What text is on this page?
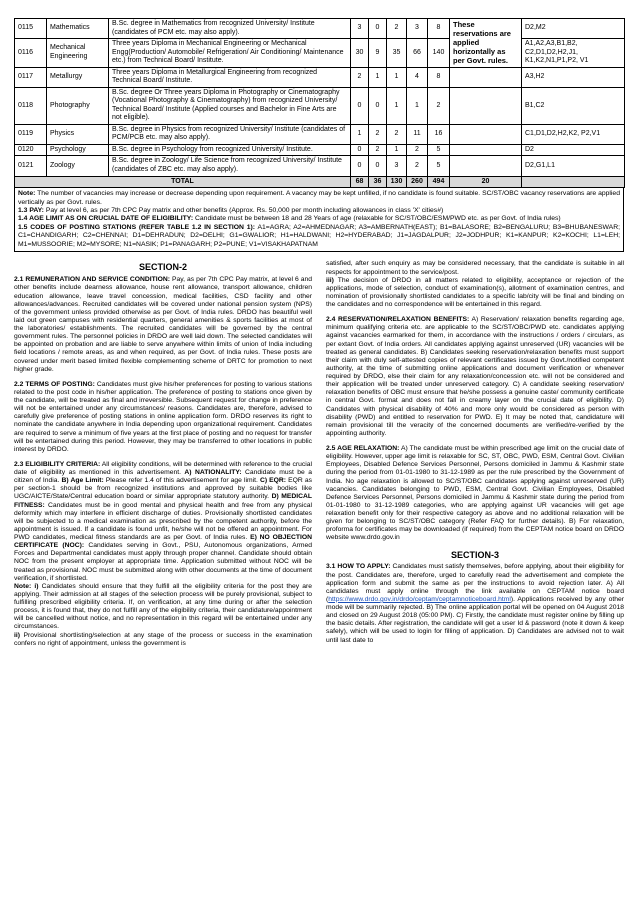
0115	Mathematics	B.Sc. degree in Mathematics from recognized University/ Institute (candidates of PCM etc. may also apply).	3	0	2	3	8	These reservations are applied horizontally as per Govt. rules.	D2,M2
0116	Mechanical Engineering	Three years Diploma in Mechanical Engineering or Mechanical Engg(Production/ Automobile/ Refrigeration/ Air Conditioning/ Maintenance etc.) from Technical Board/ Institute.	30	9	35	66	140		A1,A2,A3,B1,B2, C2,D1,D2,H2,J1, K1,K2,N1,P1,P2, V1
0117	Metallurgy	Three years Diploma in Metallurgical Engineering from recognized Technical Board/ Institute.	2	1	1	4	8		A3,H2
0118	Photography	B.Sc. degree Or Three years Diploma in Photography or Cinematography (Vocational Photography & Cinematography) from recognized University/ Technical Board/ Institute (Applied courses and Bachelor in Fine Arts are not eligible).	0	0	1	1	2		B1,C2
0119	Physics	B.Sc. degree in Physics from recognized University/ Institute (candidates of PCM/PCB etc. may also apply).	1	2	2	11	16		C1,D1,D2,H2,K2, P2,V1
0120	Psychology	B.Sc. degree in Psychology from recognized University/ Institute.	0	2	1	2	5		D2
0121	Zoology	B.Sc. degree in Zoology/ Life Science from recognized University/ Institute (candidates of ZBC etc. may also apply).	0	0	3	2	5		D2,G1,L1
TOTAL			68	36	130	260	494	20	
Note: The number of vacancies may increase or decrease depending upon requirement. A vacancy may be kept unfilled, if no candidate is found suitable. SC/ST/OBC vacancy reservations are applied vertically as per Govt. rules.
1.3 PAY: Pay at level 6, as per 7th CPC Pay matrix and other benefits (Approx. Rs. 50,000 per month including allowances in class 'X' cities#)
1.4 AGE LIMIT AS ON CRUCIAL DATE OF ELIGIBILITY: Candidate must be between 18 and 28 Years of age (relaxable for SC/ST/OBC/ESM/PWD etc. as per Govt. of India rules)
1.5 CODES OF POSTING STATIONS (REFER TABLE 1.2 IN SECTION 1): A1=AGRA; A2=AHMEDNAGAR; A3=AMBERNATH(EAST); B1=BALASORE; B2=BENGALURU; B3=BHUBANESWAR; C1=CHANDIGARH; C2=CHENNAI; D1=DEHRADUN; D2=DELHI; G1=GWALIOR; H1=HALDWANI; H2=HYDERABAD; J1=JAGDALPUR; J2=JODHPUR; K1=KANPUR; K2=KOCHI; L1=LEH; M1=MUSSOORIE; M2=MYSORE; N1=NASIK; P1=PANAGARH; P2=PUNE; V1=VISAKHAPATNAM
SECTION-2

2.1 REMUNERATION AND SERVICE CONDITION: Pay, as per 7th CPC Pay matrix, at level 6 and other benefits include dearness allowance, house rent allowance, transport allowance, children education allowance, leave travel concession, medical facilities, CSD facility and other allowances/advances. Recruited candidates will be covered under national pension system (NPS) of the government unless provided otherwise as per Govt. of India rules. DRDO has beautiful well laid out green campuses with residential quarters, general amenities & sports facilities at most of the laboratories/ establishments. The recruited candidates will be governed by the central government rules. The personnel policies in DRDO are well laid down. The selected candidates will be appointed on probation and are liable to serve anywhere within limits of union of India including field locations / remote areas, as and when required, as per Govt. of India rules. These posts are covered under merit based limited flexible complementing scheme of DRTC for promotion to next higher grade.

2.2 TERMS OF POSTING: Candidates must give his/her preferences for posting to various stations related to the post code in his/her application. The preference of posting to stations once given by the candidate, will be treated as final and irreversible. Subsequent request for change in preference will not be entertained under any circumstances/ reasons. Candidates are, therefore, advised to carefully give preference of posting stations in online application form. DRDO reserves its right to nominate the candidate anywhere in India depending upon organizational requirement. Candidates are required to serve a minimum of five years at the first place of posting and no request for transfer will be entertained during this period. However, they may be transferred to other locations in public interest by DRDO.

2.3 ELIGIBILITY CRITERIA: All eligibility conditions, will be determined with reference to the crucial date of eligibility as mentioned in this advertisement. A) NATIONALITY: Candidate must be a citizen of India. B) Age Limit: Please refer 1.4 of this advertisement for age limit. C) EQR: EQR as per section-1 should be from recognized institutions and approved by suitable bodies like UGC/AICTE/State/Central education board or similar appropriate statutory authority. D) MEDICAL FITNESS: Candidates must be in good mental and physical health and free from any physical deformity which may interfere in efficient discharge of duties. Provisionally shortlisted candidates will be subjected to a medical examination as prescribed by the competent authority, before the appointment is issued. If a candidate is found unfit, he/she will not be offered an appointment. For PWD candidates, medical fitness standards are as per Govt. of India rules. E) NO OBJECTION CERTIFICATE (NOC): Candidates serving in Govt., PSU, Autonomous organizations, Armed Forces and Departmental candidates must apply through proper channel. Candidate should obtain NOC from the present employer at appropriate time. Application submitted without NOC will be treated as provisional. NOC must be submitted along with other documents at the time of document verification, if shortlisted.

Note: i) Candidates should ensure that they fulfill all the eligibility criteria for the post they are applying. Their admission at all stages of the selection process will be purely provisional, subject to fulfilling prescribed eligibility criteria. If, on verification, at any time during or after the selection process, it is found that, they do not fulfill any of the eligibility criteria, their candidature/appointment will be cancelled without notice, and no representation in this regard will be entertained under any circumstances.

ii) Provisional shortlisting/selection at any stage of the process or success in the examination confers no right of appointment, unless the government is

satisfied, after such enquiry as may be considered necessary, that the candidate is suitable in all respects for appointment to the service/post.

iii) The decision of DRDO in all matters related to eligibility, acceptance or rejection of the applications, mode of selection, conduct of examination(s), allotment of examination centres, and nomination of provisionally shortlisted candidates to a specific lab/city will be final and binding on the candidates and no correspondence will be entertained in this regard.

2.4 RESERVATION/RELAXATION BENEFITS: A) Reservation/ relaxation benefits regarding age, minimum qualifying criteria etc. are applicable to the SC/ST/OBC/PWD etc. candidates applying against vacancies earmarked for them, in accordance with the instructions / orders / circulars, as per extant Govt. of India orders. All candidates applying against unreserved (UR) vacancies will be treated as general candidates. B) Candidates seeking reservation/relaxation benefits must support their claim with duly self-attested copies of relevant certificates issued by Govt./notified competent authority, at the time of submitting online applications and document verification or whenever required by DRDO, else their claim for any relaxation/concession etc. will not be considered and their application will be treated under unreserved category. C) A candidate seeking reservation/ relaxation benefits of OBC must ensure that he/she possess a genuine caste/ community certificate in central Govt. format and does not fall in creamy layer on the crucial date of eligibility. D) Candidates with physical disability of 40% and more only would be considered as person with disability (PWD) and entitled to reservation for PWD. E) It may be noted that, candidature will remain provisional till the veracity of the concerned documents are verified/re-verified by the appointing authority.

2.5 AGE RELAXATION: A) The candidate must be within prescribed age limit on the crucial date of eligibility. However, upper age limit is relaxable for SC, ST, OBC, PWD, ESM, Central Govt. Civilian Employees, Disabled Defence Services Personnel, Persons domiciled in Jammu & Kashmir state during the period from 01-01-1980 to 31-12-1989 as per the rule prescribed by the Government of India. No age relaxation is allowed to SC/ST/OBC candidates applying against unreserved (UR) vacancies. Candidates belonging to PWD, ESM, Central Govt. Civilian Employees, Disabled Defence Services Personnel, Persons domiciled in Jammu & Kashmir state during the period from 01-01-1980 to 31-12-1989 categories, who are applying against UR vacancies will get age relaxation benefit only for their respective category as above and no additional relaxation will be given for belonging to SC/ST/OBC category (Refer FAQ for further details). B) For relaxation, proforma for certificates may be downloaded (if required) from the CEPTAM notice board on DRDO website www.drdo.gov.in

SECTION-3

3.1 HOW TO APPLY: Candidates must satisfy themselves, before applying, about their eligibility for the post. Candidates are, therefore, urged to carefully read the advertisement and complete the application form and submit the same as per the instructions to avoid rejection later. A) All candidates must apply online through the link available on CEPTAM notice board (https://www.drdo.gov.in/drdo/ceptam/ceptamnoticeboard.html). Applications received by any other mode will be summarily rejected. B) The online application portal will be opened on 04 August 2018 and closed on 29 August 2018 (05:00 PM). C) Firstly, the candidate must register online by filling up the basic details. After registration, the candidate will get a user Id & password (note it down & keep safely), which will be used to login for filling of application. D) Candidates are advised not to wait until last date to
